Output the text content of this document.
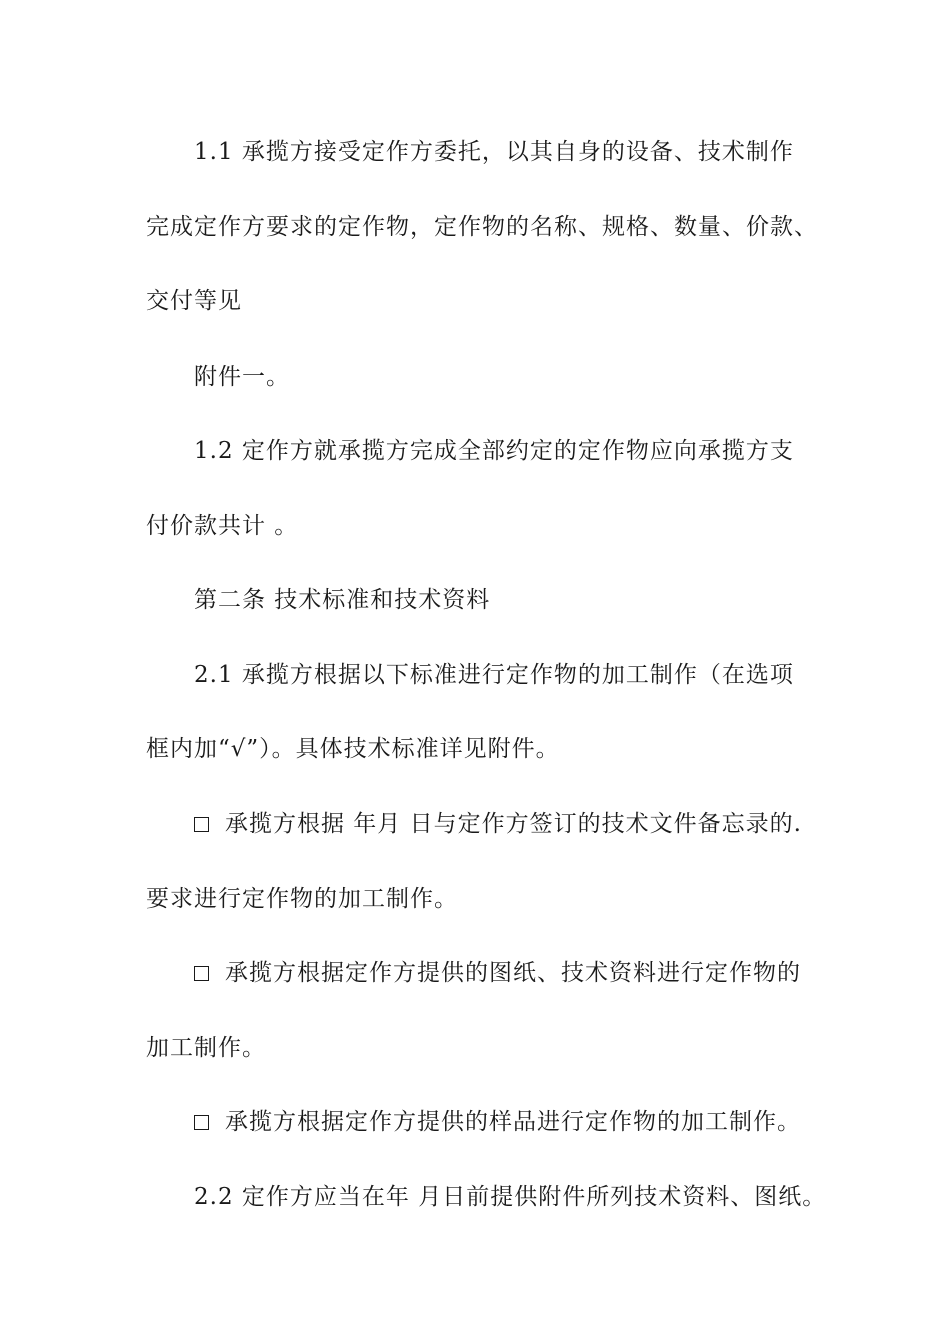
1.1 承揽方接受定作方委托，以其自身的设备、技术制作
完成定作方要求的定作物，定作物的名称、规格、数量、价款、
交付等见
附件一。
1.2 定作方就承揽方完成全部约定的定作物应向承揽方支
付价款共计 。
第二条 技术标准和技术资料
2.1 承揽方根据以下标准进行定作物的加工制作（在选项
框内加“√”）。具体技术标准详见附件。
承揽方根据 年月 日与定作方签订的技术文件备忘录的.
要求进行定作物的加工制作。
承揽方根据定作方提供的图纸、技术资料进行定作物的
加工制作。
承揽方根据定作方提供的样品进行定作物的加工制作。
2.2 定作方应当在年 月日前提供附件所列技术资料、图纸。
